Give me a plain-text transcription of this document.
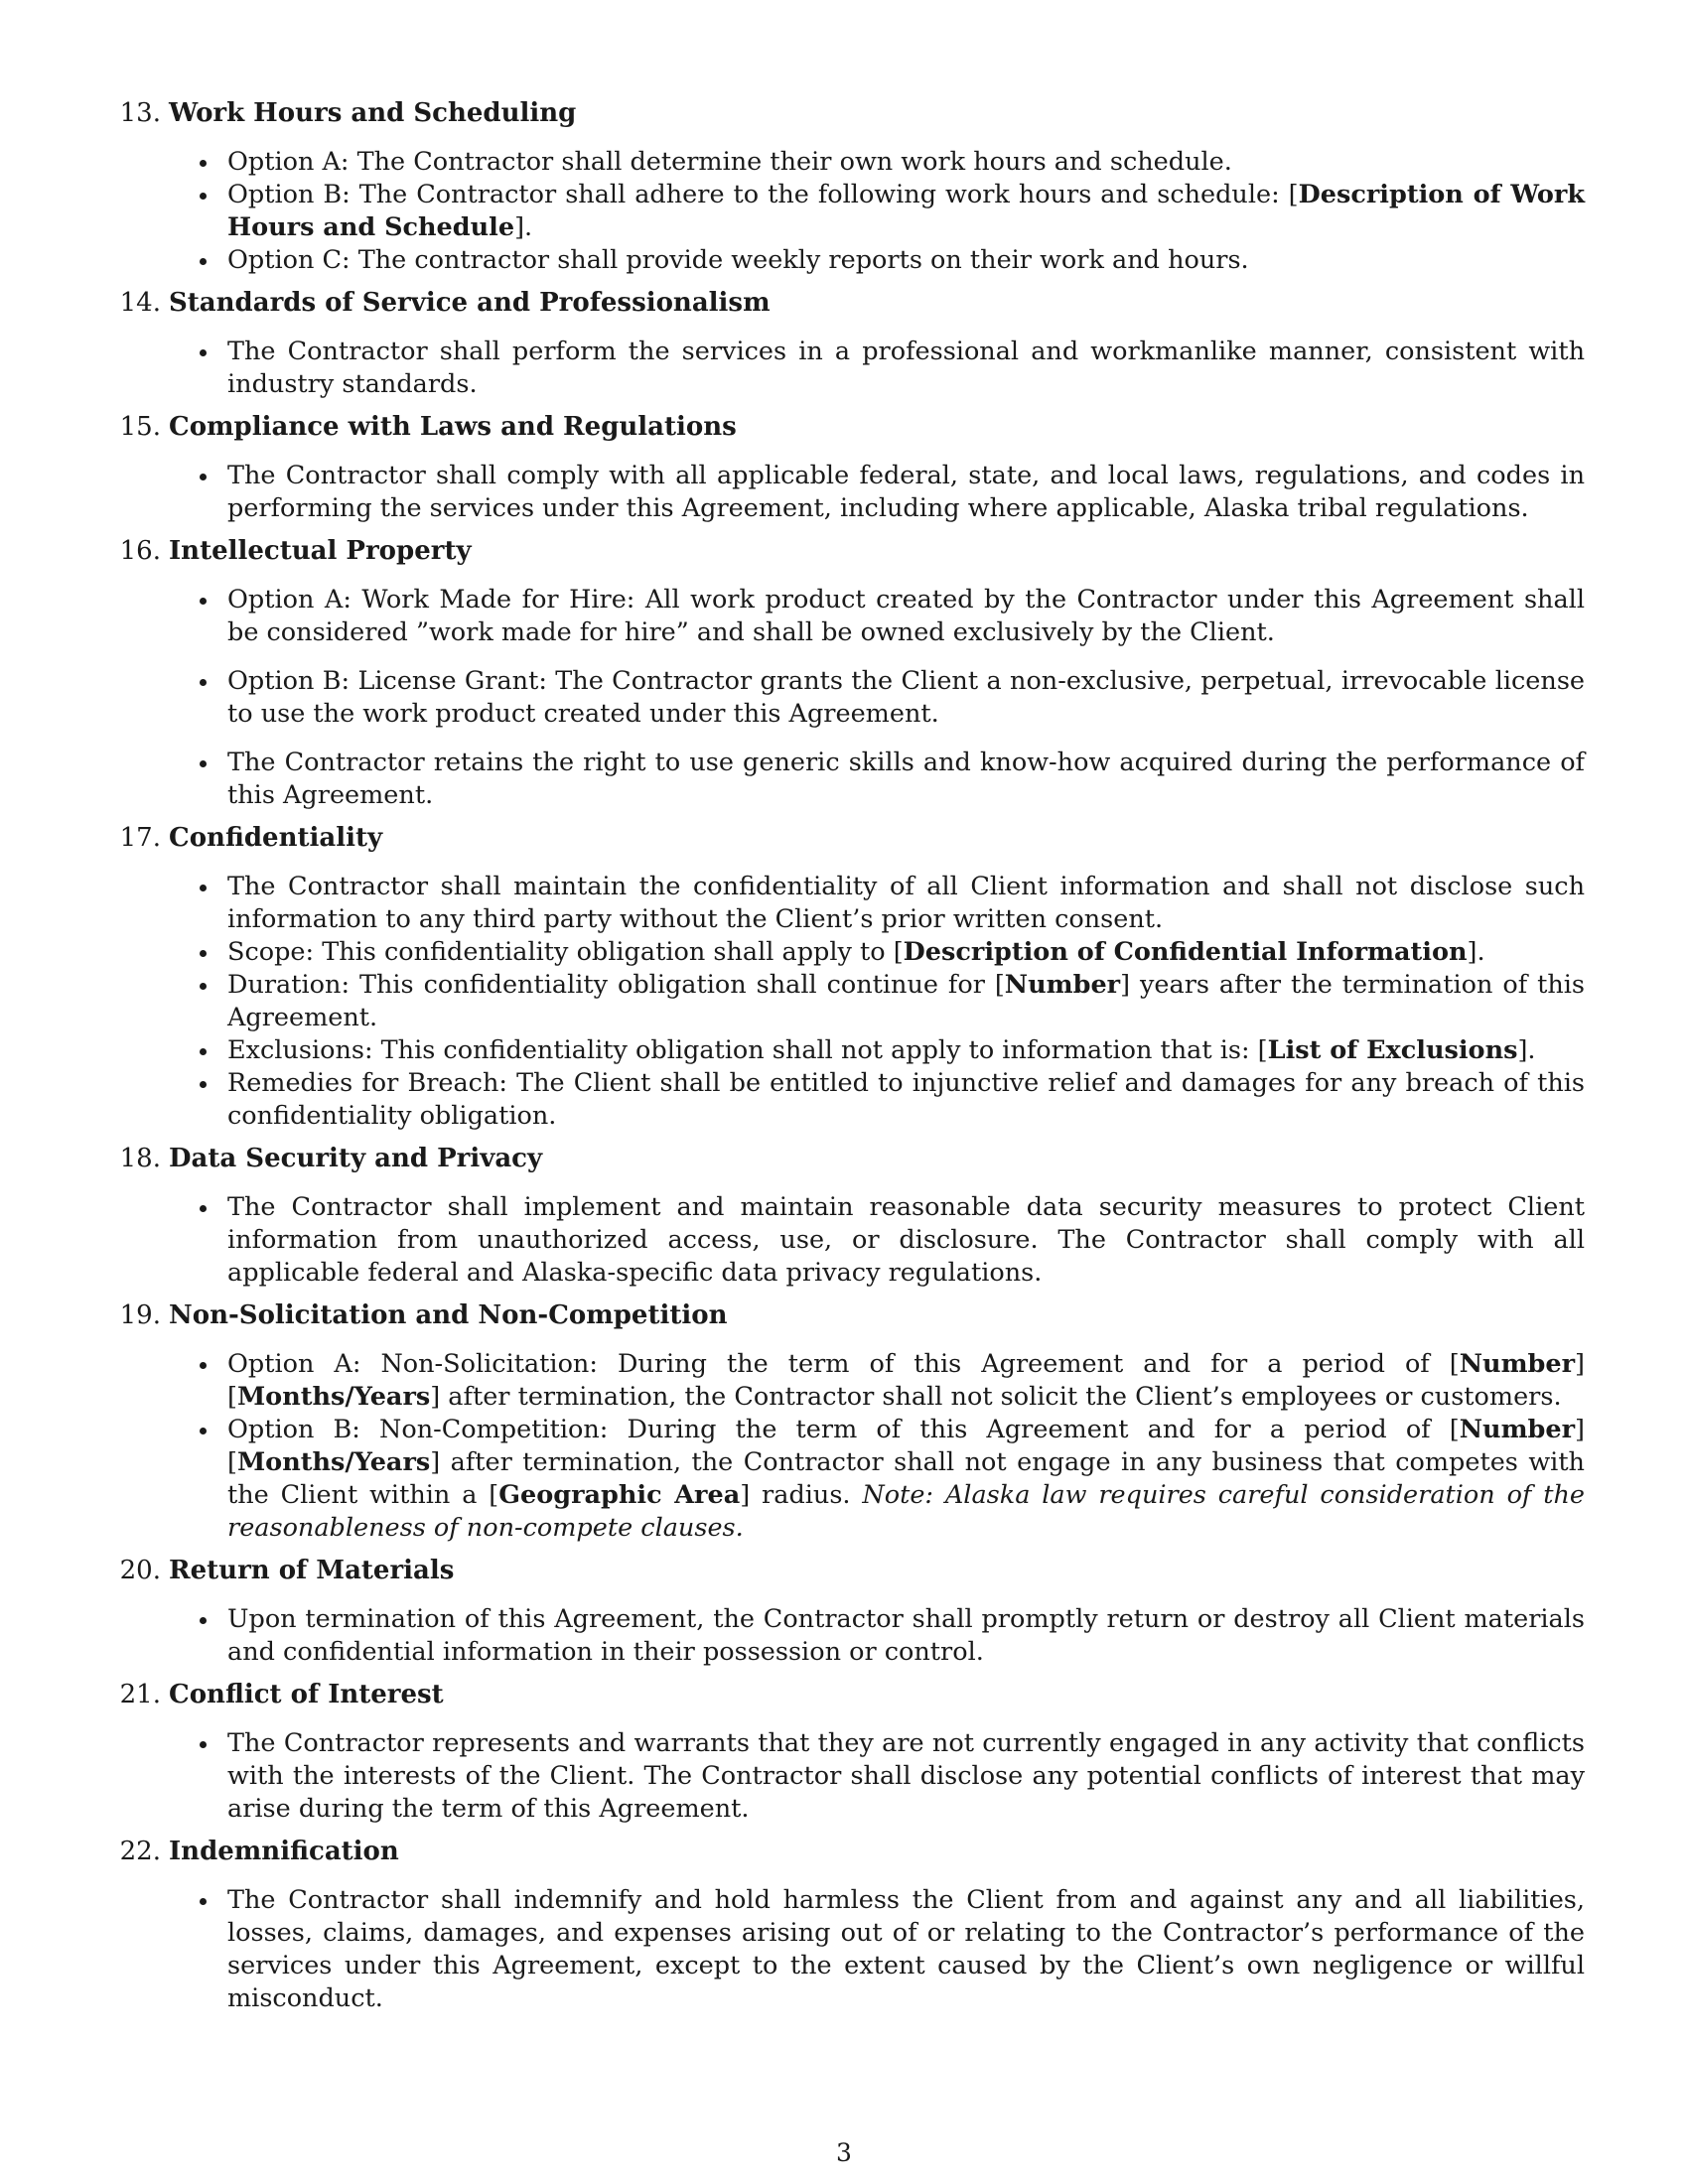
13. Work Hours and Scheduling
Option A: The Contractor shall determine their own work hours and schedule.
Option B: The Contractor shall adhere to the following work hours and schedule: [Description of Work Hours and Schedule].
Option C: The contractor shall provide weekly reports on their work and hours.
14. Standards of Service and Professionalism
The Contractor shall perform the services in a professional and workmanlike manner, consistent with industry standards.
15. Compliance with Laws and Regulations
The Contractor shall comply with all applicable federal, state, and local laws, regulations, and codes in performing the services under this Agreement, including where applicable, Alaska tribal regulations.
16. Intellectual Property
Option A: Work Made for Hire: All work product created by the Contractor under this Agreement shall be considered ”work made for hire” and shall be owned exclusively by the Client.
Option B: License Grant: The Contractor grants the Client a non-exclusive, perpetual, irrevocable license to use the work product created under this Agreement.
The Contractor retains the right to use generic skills and know-how acquired during the performance of this Agreement.
17. Confidentiality
The Contractor shall maintain the confidentiality of all Client information and shall not disclose such information to any third party without the Client’s prior written consent.
Scope: This confidentiality obligation shall apply to [Description of Confidential Information].
Duration: This confidentiality obligation shall continue for [Number] years after the termination of this Agreement.
Exclusions: This confidentiality obligation shall not apply to information that is: [List of Exclusions].
Remedies for Breach: The Client shall be entitled to injunctive relief and damages for any breach of this confidentiality obligation.
18. Data Security and Privacy
The Contractor shall implement and maintain reasonable data security measures to protect Client information from unauthorized access, use, or disclosure. The Contractor shall comply with all applicable federal and Alaska-specific data privacy regulations.
19. Non-Solicitation and Non-Competition
Option A: Non-Solicitation: During the term of this Agreement and for a period of [Number] [Months/Years] after termination, the Contractor shall not solicit the Client’s employees or customers.
Option B: Non-Competition: During the term of this Agreement and for a period of [Number] [Months/Years] after termination, the Contractor shall not engage in any business that competes with the Client within a [Geographic Area] radius. Note: Alaska law requires careful consideration of the reasonableness of non-compete clauses.
20. Return of Materials
Upon termination of this Agreement, the Contractor shall promptly return or destroy all Client materials and confidential information in their possession or control.
21. Conflict of Interest
The Contractor represents and warrants that they are not currently engaged in any activity that conflicts with the interests of the Client. The Contractor shall disclose any potential conflicts of interest that may arise during the term of this Agreement.
22. Indemnification
The Contractor shall indemnify and hold harmless the Client from and against any and all liabilities, losses, claims, damages, and expenses arising out of or relating to the Contractor’s performance of the services under this Agreement, except to the extent caused by the Client’s own negligence or willful misconduct.
3
